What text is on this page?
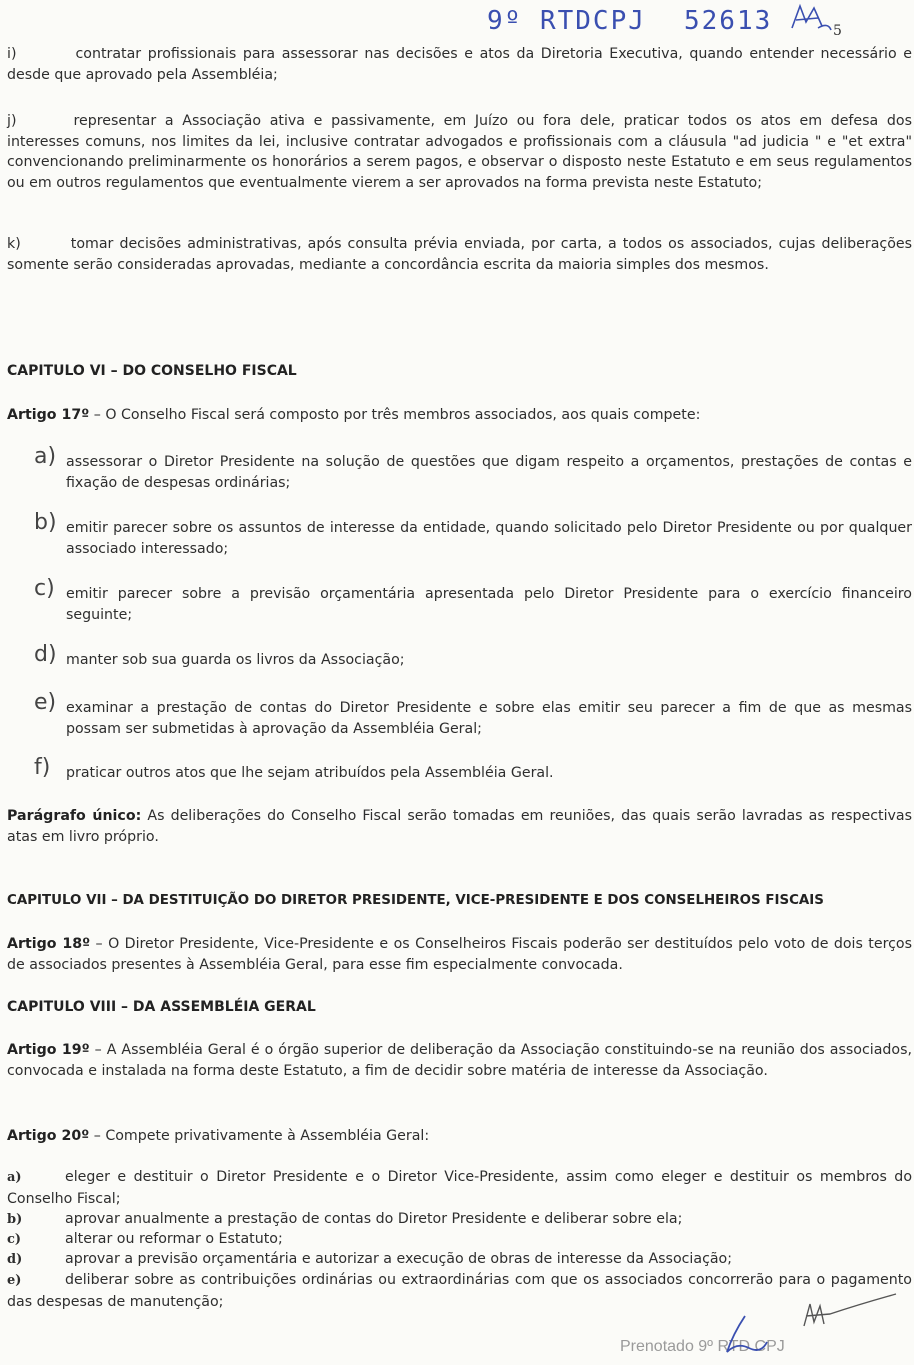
9º RTDCPJ 52613	5
i)	contratar profissionais para assessorar nas decisões e atos da Diretoria Executiva, quando entender necessário e desde que aprovado pela Assembléia;
j)	representar a Associação ativa e passivamente, em Juízo ou fora dele, praticar todos os atos em defesa dos interesses comuns, nos limites da lei, inclusive contratar advogados e profissionais com a cláusula "ad judicia " e "et extra" convencionando preliminarmente os honorários a serem pagos, e observar o disposto neste Estatuto e em seus regulamentos ou em outros regulamentos que eventualmente vierem a ser aprovados na forma prevista neste Estatuto;
k)	tomar decisões administrativas, após consulta prévia enviada, por carta, a todos os associados, cujas deliberações somente serão consideradas aprovadas, mediante a concordância escrita da maioria simples dos mesmos.
CAPITULO VI – DO CONSELHO FISCAL
Artigo 17º – O Conselho Fiscal será composto por três membros associados, aos quais compete:
a) assessorar o Diretor Presidente na solução de questões que digam respeito a orçamentos, prestações de contas e fixação de despesas ordinárias;
b) emitir parecer sobre os assuntos de interesse da entidade, quando solicitado pelo Diretor Presidente ou por qualquer associado interessado;
c) emitir parecer sobre a previsão orçamentária apresentada pelo Diretor Presidente para o exercício financeiro seguinte;
d) manter sob sua guarda os livros da Associação;
e) examinar a prestação de contas do Diretor Presidente e sobre elas emitir seu parecer a fim de que as mesmas possam ser submetidas à aprovação da Assembléia Geral;
f)	praticar outros atos que lhe sejam atribuídos pela Assembléia Geral.
Parágrafo único: As deliberações do Conselho Fiscal serão tomadas em reuniões, das quais serão lavradas as respectivas atas em livro próprio.
CAPITULO VII – DA DESTITUIÇÃO DO DIRETOR PRESIDENTE, VICE-PRESIDENTE E DOS CONSELHEIROS FISCAIS
Artigo 18º – O Diretor Presidente, Vice-Presidente e os Conselheiros Fiscais poderão ser destituídos pelo voto de dois terços de associados presentes à Assembléia Geral, para esse fim especialmente convocada.
CAPITULO VIII – DA ASSEMBLÉIA GERAL
Artigo 19º – A Assembléia Geral é o órgão superior de deliberação da Associação constituindo-se na reunião dos associados, convocada e instalada na forma deste Estatuto, a fim de decidir sobre matéria de interesse da Associação.
Artigo 20º – Compete privativamente à Assembléia Geral:
a)	eleger e destituir o Diretor Presidente e o Diretor Vice-Presidente, assim como eleger e destituir os membros do Conselho Fiscal;
b)	aprovar anualmente a prestação de contas do Diretor Presidente e deliberar sobre ela;
c)	alterar ou reformar o Estatuto;
d)	aprovar a previsão orçamentária e autorizar a execução de obras de interesse da Associação;
e)	deliberar sobre as contribuições ordinárias ou extraordinárias com que os associados concorrerão para o pagamento das despesas de manutenção;
Prenotado 9º RTD CPJ
